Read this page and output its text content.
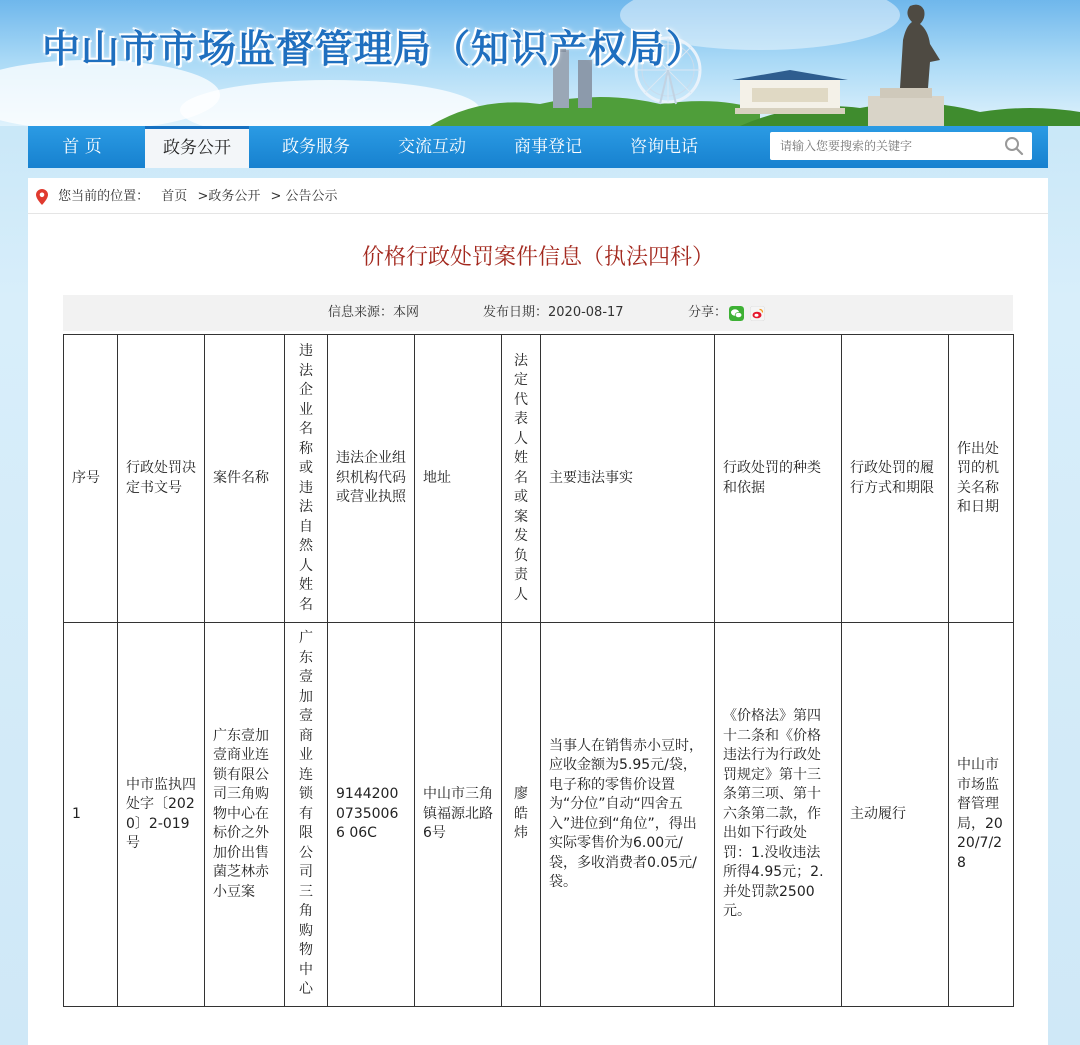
中山市市场监督管理局（知识产权局）
首 页	政务公开	政务服务	交流互动	商事登记	咨询电话
请输入您要搜索的关键字
您当前的位置： 首页 >政务公开 > 公告公示
价格行政处罚案件信息（执法四科）
信息来源：本网	发布日期：2020-08-17	分享：
序号	行政处罚决定书文号	案件名称	违法企业名称或违法自然人姓名	违法企业组织机构代码或营业执照	地址	法定代表人姓名或案发负责人	主要违法事实	行政处罚的种类和依据	行政处罚的履行方式和期限	作出处罚的机关名称和日期
1	中市监执四处字〔2020〕2-019号	广东壹加壹商业连锁有限公司三角购物中心在标价之外加价出售菌芝林赤小豆案	广东壹加壹商业连锁有限公司三角购物中心	914420007350066 06C	中山市三角镇福源北路6号	廖皓炜	当事人在销售赤小豆时，应收金额为5.95元/袋，电子称的零售价设置为“分位”自动“四舍五入”进位到“角位”，得出实际零售价为6.00元/袋，多收消费者0.05元/袋。	《价格法》第四十二条和《价格违法行为行政处罚规定》第十三条第三项、第十六条第二款，作出如下行政处罚：1.没收违法所得4.95元；2.并处罚款2500元。	主动履行	中山市市场监督管理局，2020/7/28
